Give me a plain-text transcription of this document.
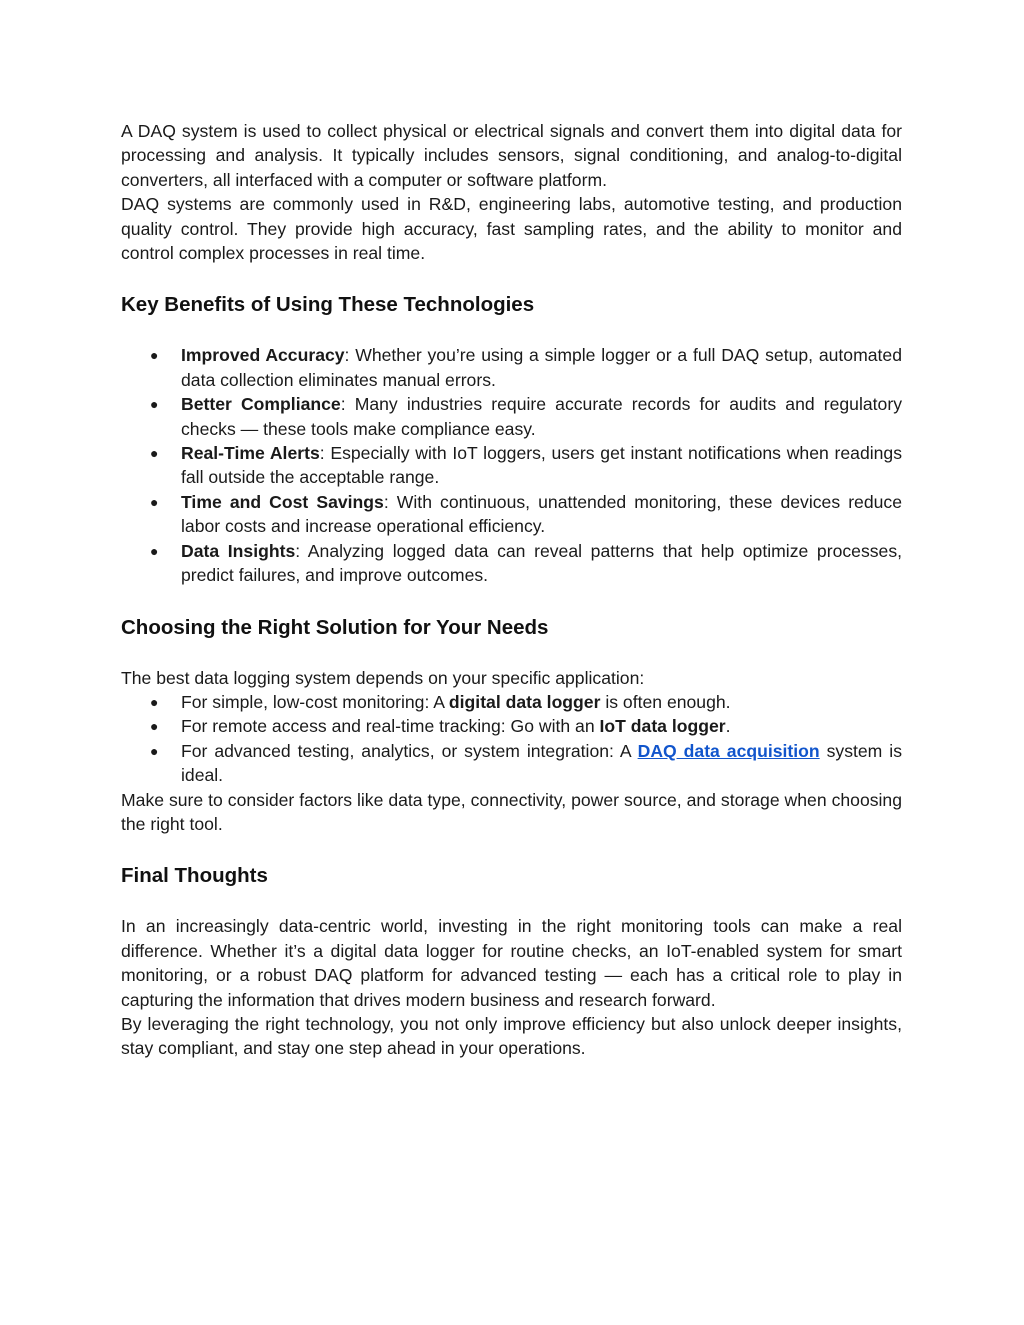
A DAQ system is used to collect physical or electrical signals and convert them into digital data for processing and analysis. It typically includes sensors, signal conditioning, and analog-to-digital converters, all interfaced with a computer or software platform.

DAQ systems are commonly used in R&D, engineering labs, automotive testing, and production quality control. They provide high accuracy, fast sampling rates, and the ability to monitor and control complex processes in real time.

Key Benefits of Using These Technologies
● Improved Accuracy: Whether you’re using a simple logger or a full DAQ setup, automated data collection eliminates manual errors.
● Better Compliance: Many industries require accurate records for audits and regulatory checks — these tools make compliance easy.
● Real-Time Alerts: Especially with IoT loggers, users get instant notifications when readings fall outside the acceptable range.
● Time and Cost Savings: With continuous, unattended monitoring, these devices reduce labor costs and increase operational efficiency.
● Data Insights: Analyzing logged data can reveal patterns that help optimize processes, predict failures, and improve outcomes.
Choosing the Right Solution for Your Needs

The best data logging system depends on your specific application:

● For simple, low-cost monitoring: A digital data logger is often enough.
● For remote access and real-time tracking: Go with an IoT data logger.
● For advanced testing, analytics, or system integration: A DAQ data acquisition system is ideal.

Make sure to consider factors like data type, connectivity, power source, and storage when choosing the right tool.

Final Thoughts

In an increasingly data-centric world, investing in the right monitoring tools can make a real difference. Whether it’s a digital data logger for routine checks, an IoT-enabled system for smart monitoring, or a robust DAQ platform for advanced testing — each has a critical role to play in capturing the information that drives modern business and research forward.

By leveraging the right technology, you not only improve efficiency but also unlock deeper insights, stay compliant, and stay one step ahead in your operations.
